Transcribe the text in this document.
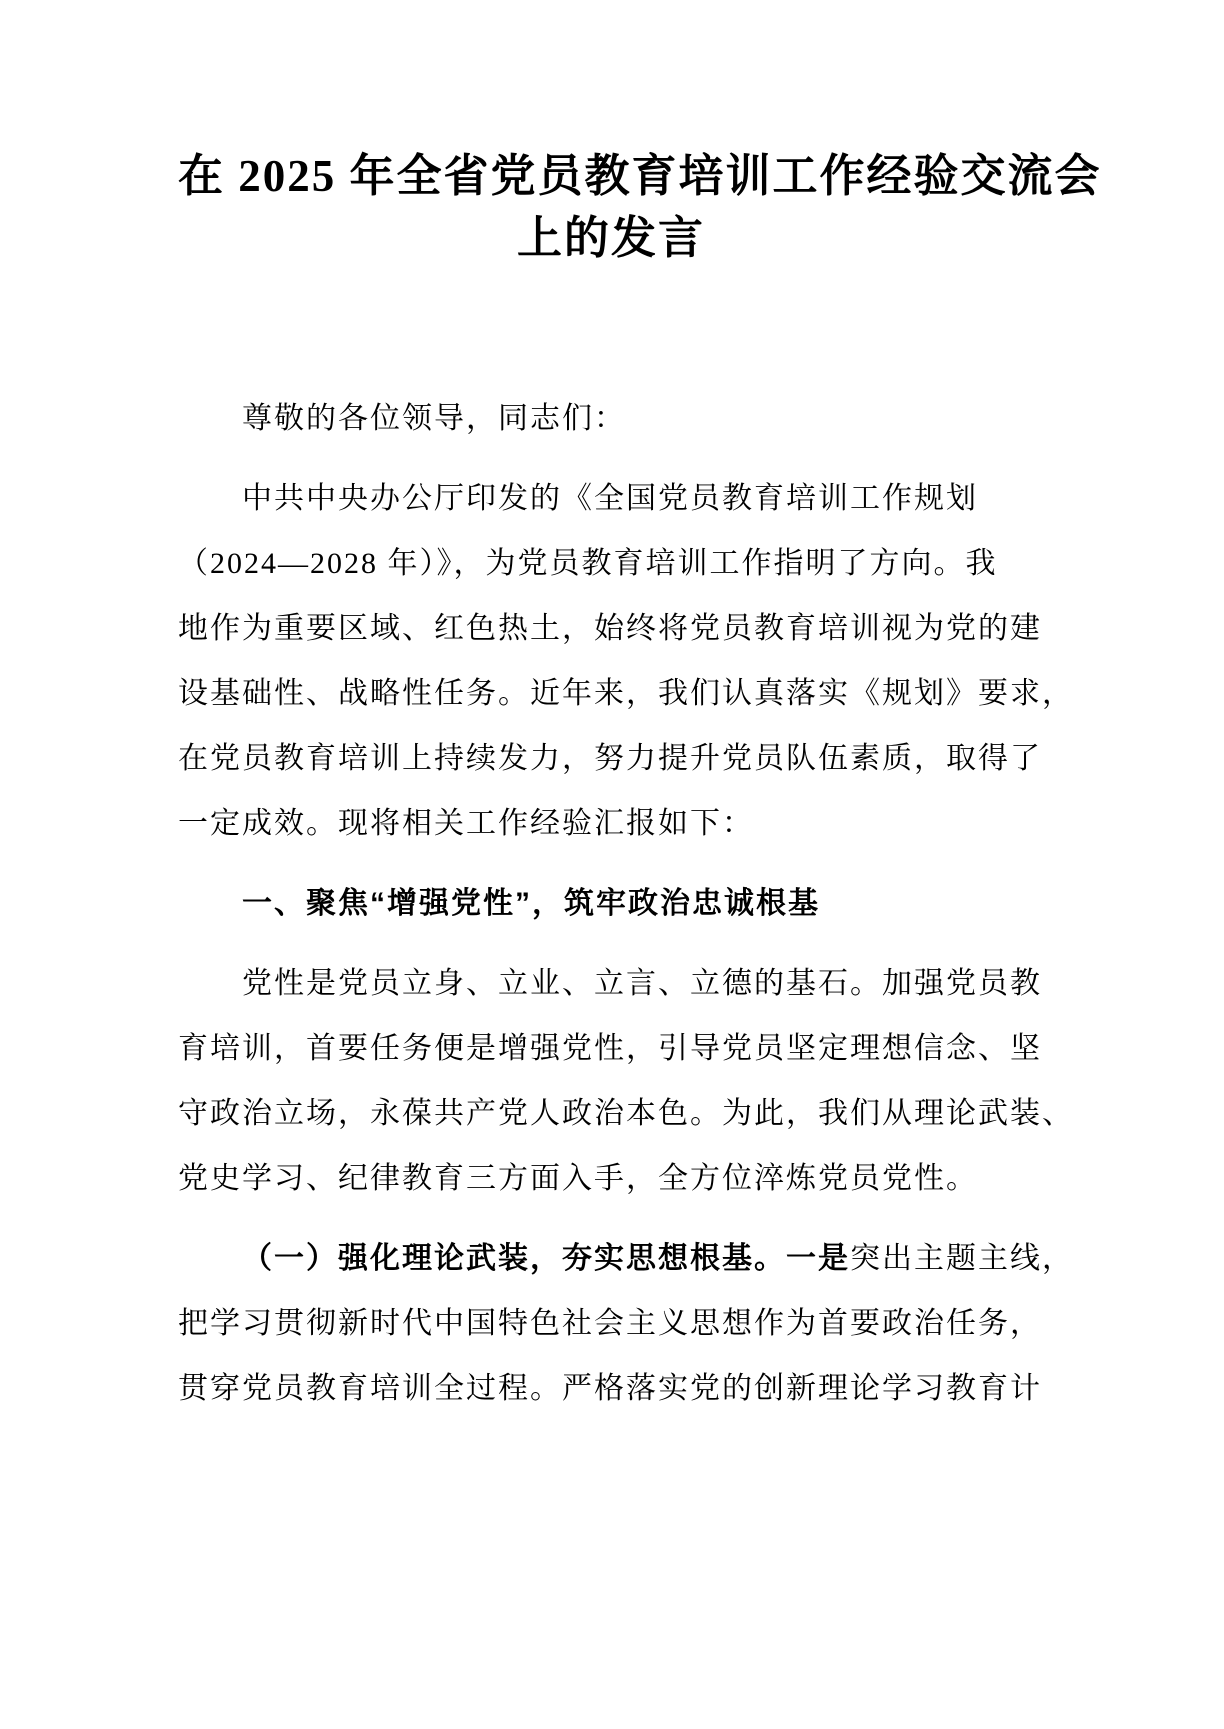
在 2025 年全省党员教育培训工作经验交流会
上的发言
尊敬的各位领导，同志们：
中共中央办公厅印发的《全国党员教育培训工作规划
（2024—2028 年）》，为党员教育培训工作指明了方向。我
地作为重要区域、红色热土，始终将党员教育培训视为党的建
设基础性、战略性任务。近年来，我们认真落实《规划》要求，
在党员教育培训上持续发力，努力提升党员队伍素质，取得了
一定成效。现将相关工作经验汇报如下：
一、聚焦“增强党性”，筑牢政治忠诚根基
党性是党员立身、立业、立言、立德的基石。加强党员教
育培训，首要任务便是增强党性，引导党员坚定理想信念、坚
守政治立场，永葆共产党人政治本色。为此，我们从理论武装、
党史学习、纪律教育三方面入手，全方位淬炼党员党性。
（一）强化理论武装，夯实思想根基。一是突出主题主线，
把学习贯彻新时代中国特色社会主义思想作为首要政治任务，
贯穿党员教育培训全过程。严格落实党的创新理论学习教育计
